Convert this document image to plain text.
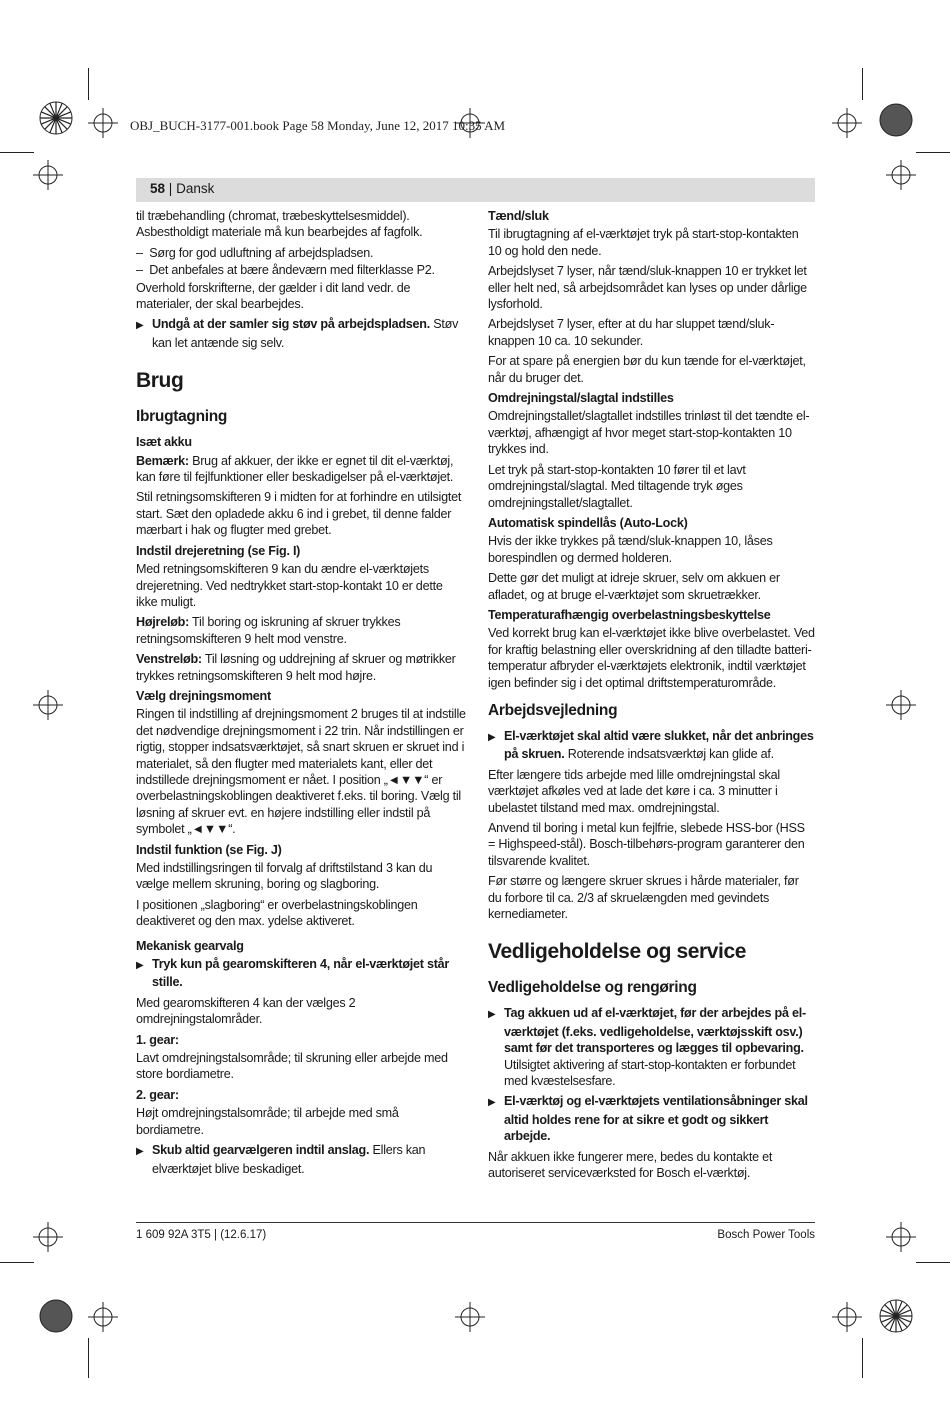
OBJ_BUCH-3177-001.book Page 58 Monday, June 12, 2017 10:35 AM
58 | Dansk

til træbehandling (chromat, træbeskyttelsesmiddel). Asbestholdigt materiale må kun bearbejdes af fagfolk.

–  Sørg for god udluftning af arbejdspladsen.

–  Det anbefales at bære åndeværn med filterklasse P2.

Overhold forskrifterne, der gælder i dit land vedr. de materialer, der skal bearbejdes.

▶ Undgå at der samler sig støv på arbejdspladsen. Støv kan let antænde sig selv.

Brug
Ibrugtagning
Isæt akku

Bemærk: Brug af akkuer, der ikke er egnet til dit el-værktøj, kan føre til fejlfunktioner eller beskadigelser på el-værktøjet.

Stil retningsomskifteren 9 i midten for at forhindre en utilsigtet start. Sæt den opladede akku 6 ind i grebet, til denne falder mærbart i hak og flugter med grebet.

Indstil drejeretning (se Fig. I)

Med retningsomskifteren 9 kan du ændre el-værktøjets drejeretning. Ved nedtrykket start-stop-kontakt 10 er dette ikke muligt.

Højreløb: Til boring og iskruning af skruer trykkes retningsomskifteren 9 helt mod venstre.

Venstreløb: Til løsning og uddrejning af skruer og møtrikker trykkes retningsomskifteren 9 helt mod højre.

Vælg drejningsmoment

Ringen til indstilling af drejningsmoment 2 bruges til at indstille det nødvendige drejningsmoment i 22 trin. Når indstillingen er rigtig, stopper indsatsværktøjet, så snart skruen er skruet ind i materialet, så den flugter med materialets kant, eller det indstillede drejningsmoment er nået. I position „◄▼▼“ er overbelastningskoblingen deaktiveret f.eks. til boring. Vælg til løsning af skruer evt. en højere indstilling eller indstil på symbolet „◄▼▼“.

Indstil funktion (se Fig. J)

Med indstillingsringen til forvalg af driftstilstand 3 kan du vælge mellem skruning, boring og slagboring.

I positionen „slagboring“ er overbelastningskoblingen deaktiveret og den max. ydelse aktiveret.

Mekanisk gearvalg

▶ Tryk kun på gearomskifteren 4, når el-værktøjet står stille.

Med gearomskifteren 4 kan der vælges 2 omdrejningstalområder.

1. gear:

Lavt omdrejningstalsområde; til skruning eller arbejde med store bordiametre.

2. gear:

Højt omdrejningstalsområde; til arbejde med små bordiametre.

▶ Skub altid gearvælgeren indtil anslag. Ellers kan elværktøjet blive beskadiget.

Tænd/sluk

Til ibrugtagning af el-værktøjet tryk på start-stop-kontakten 10 og hold den nede.

Arbejdslyset 7 lyser, når tænd/sluk-knappen 10 er trykket let eller helt ned, så arbejdsområdet kan lyses op under dårlige lysforhold.

Arbejdslyset 7 lyser, efter at du har sluppet tænd/sluk-knappen 10 ca. 10 sekunder.

For at spare på energien bør du kun tænde for el-værktøjet, når du bruger det.

Omdrejningstal/slagtal indstilles

Omdrejningstallet/slagtallet indstilles trinløst til det tændte el-værktøj, afhængigt af hvor meget start-stop-kontakten 10 trykkes ind.

Let tryk på start-stop-kontakten 10 fører til et lavt omdrejningstal/slagtal. Med tiltagende tryk øges omdrejningstallet/slagtallet.

Automatisk spindellås (Auto-Lock)

Hvis der ikke trykkes på tænd/sluk-knappen 10, låses borespindlen og dermed holderen.

Dette gør det muligt at idreje skruer, selv om akkuen er afladet, og at bruge el-værktøjet som skruetrækker.

Temperaturafhængig overbelastningsbeskyttelse

Ved korrekt brug kan el-værktøjet ikke blive overbelastet. Ved for kraftig belastning eller overskridning af den tilladte batteri-temperatur afbryder el-værktøjets elektronik, indtil værktøjet igen befinder sig i det optimal driftstemperaturområde.

Arbejdsvejledning

▶ El-værktøjet skal altid være slukket, når det anbringes på skruen. Roterende indsatsværktøj kan glide af.

Efter længere tids arbejde med lille omdrejningstal skal værktøjet afkøles ved at lade det køre i ca. 3 minutter i ubelastet tilstand med max. omdrejningstal.

Anvend til boring i metal kun fejlfrie, slebede HSS-bor (HSS = Highspeed-stål). Bosch-tilbehørs-program garanterer den tilsvarende kvalitet.

Før større og længere skruer skrues i hårde materialer, før du forbore til ca. 2/3 af skruelængden med gevindets kernediameter.

Vedligeholdelse og service
Vedligeholdelse og rengøring

▶ Tag akkuen ud af el-værktøjet, før der arbejdes på el-værktøjet (f.eks. vedligeholdelse, værktøjsskift osv.) samt før det transporteres og lægges til opbevaring. Utilsigtet aktivering af start-stop-kontakten er forbundet med kvæstelsesfare.

▶ El-værktøj og el-værktøjets ventilationsåbninger skal altid holdes rene for at sikre et godt og sikkert arbejde.

Når akkuen ikke fungerer mere, bedes du kontakte et autoriseret serviceværksted for Bosch el-værktøj.

1 609 92A 3T5 | (12.6.17)	Bosch Power Tools
